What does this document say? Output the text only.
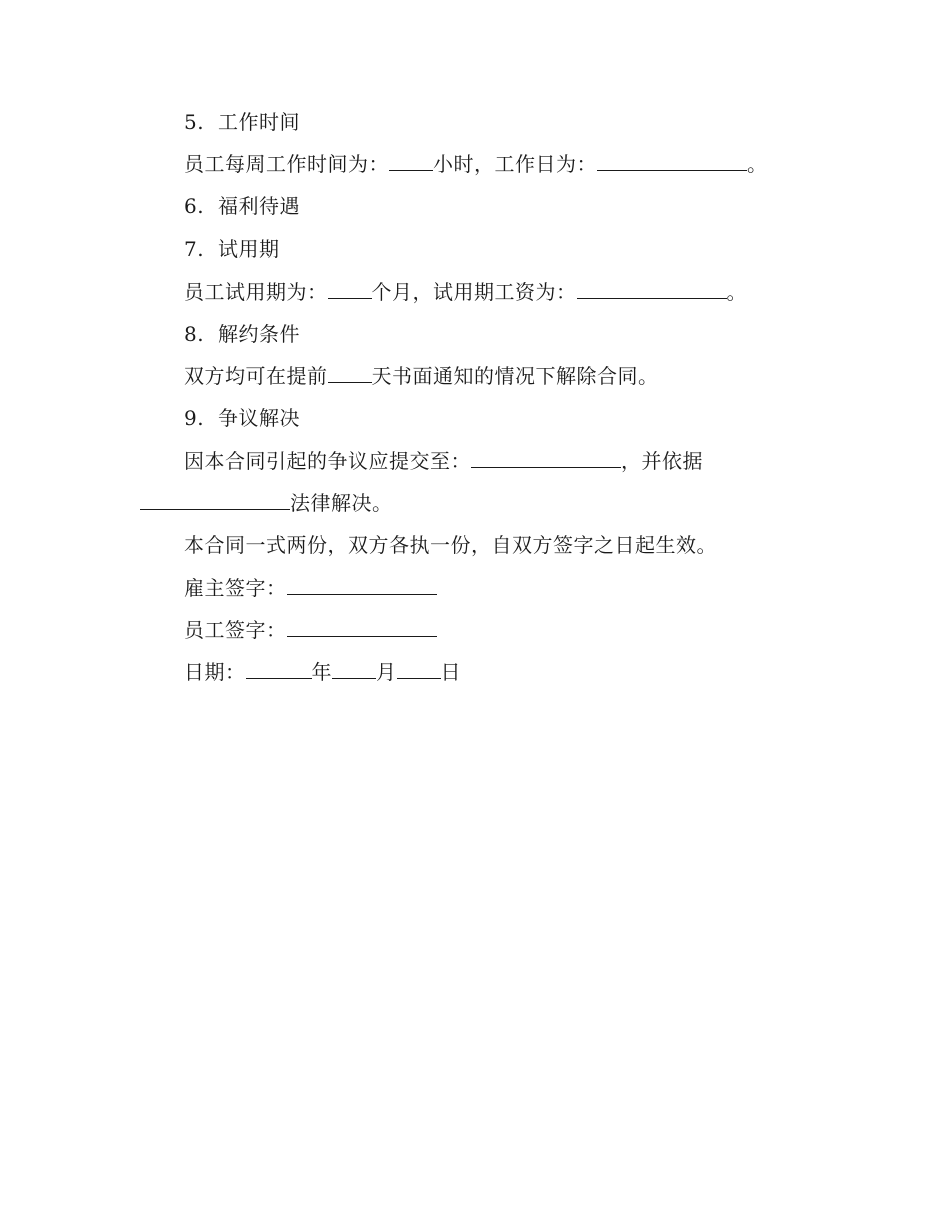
5. 工作时间
员工每周工作时间为： 小时，工作日为：	。
6. 福利待遇
7. 试用期
员工试用期为： 个月，试用期工资为：	。
8. 解约条件
双方均可在提前 天书面通知的情况下解除合同。
9. 争议解决
因本合同引起的争议应提交至：	，并依据
法律解决。
本合同一式两份，双方各执一份，自双方签字之日起生效。
雇主签字：
员工签字：
日期：	年 月 日
